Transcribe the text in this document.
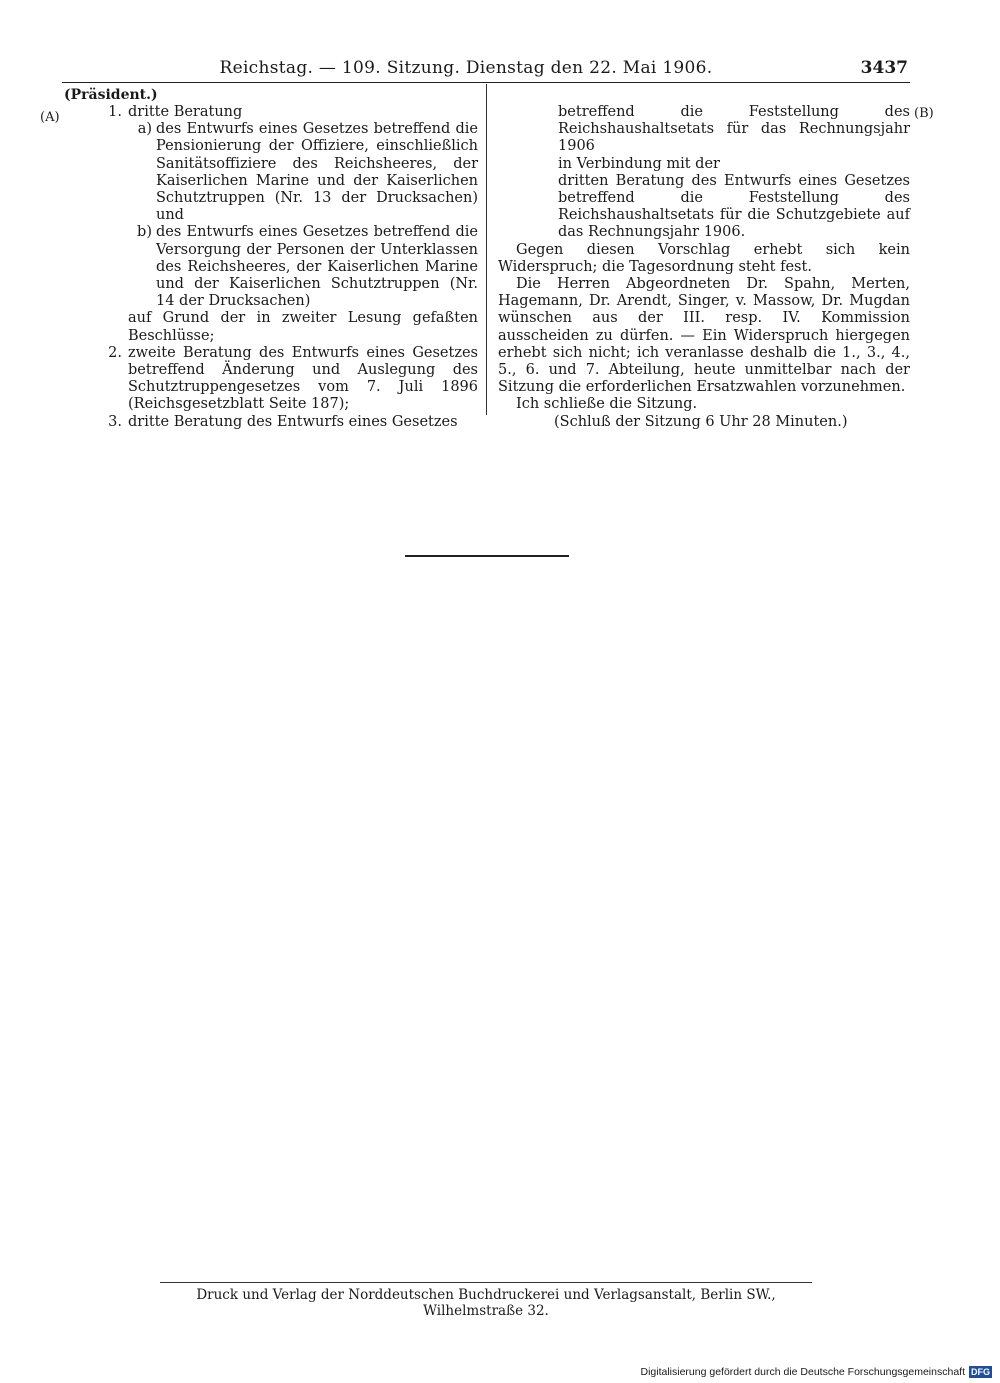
Reichstag. — 109. Sitzung. Dienstag den 22. Mai 1906.	3437
(Präsident.)
(A)	(B)
1. dritte Beratung
a) des Entwurfs eines Gesetzes betreffend die Pensionierung der Offiziere, einschließlich Sanitätsoffiziere des Reichsheeres, der Kaiserlichen Marine und der Kaiserlichen Schutztruppen (Nr. 13 der Drucksachen) und
b) des Entwurfs eines Gesetzes betreffend die Versorgung der Personen der Unterklassen des Reichsheeres, der Kaiserlichen Marine und der Kaiserlichen Schutztruppen (Nr. 14 der Drucksachen)
auf Grund der in zweiter Lesung gefaßten Beschlüsse;
2. zweite Beratung des Entwurfs eines Gesetzes betreffend Änderung und Auslegung des Schutztruppengesetzes vom 7. Juli 1896 (Reichsgesetzblatt Seite 187);
3. dritte Beratung des Entwurfs eines Gesetzes
betreffend die Feststellung des Reichshaushaltsetats für das Rechnungsjahr 1906
in Verbindung mit der
dritten Beratung des Entwurfs eines Gesetzes betreffend die Feststellung des Reichshaushaltsetats für die Schutzgebiete auf das Rechnungsjahr 1906.
Gegen diesen Vorschlag erhebt sich kein Widerspruch; die Tagesordnung steht fest.
Die Herren Abgeordneten Dr. Spahn, Merten, Hagemann, Dr. Arendt, Singer, v. Massow, Dr. Mugdan wünschen aus der III. resp. IV. Kommission ausscheiden zu dürfen. — Ein Widerspruch hiergegen erhebt sich nicht; ich veranlasse deshalb die 1., 3., 4., 5., 6. und 7. Abteilung, heute unmittelbar nach der Sitzung die erforderlichen Ersatzwahlen vorzunehmen.
Ich schließe die Sitzung.
(Schluß der Sitzung 6 Uhr 28 Minuten.)
Druck und Verlag der Norddeutschen Buchdruckerei und Verlagsanstalt, Berlin SW., Wilhelmstraße 32.
Digitalisierung gefördert durch die Deutsche Forschungsgemeinschaft DFG
